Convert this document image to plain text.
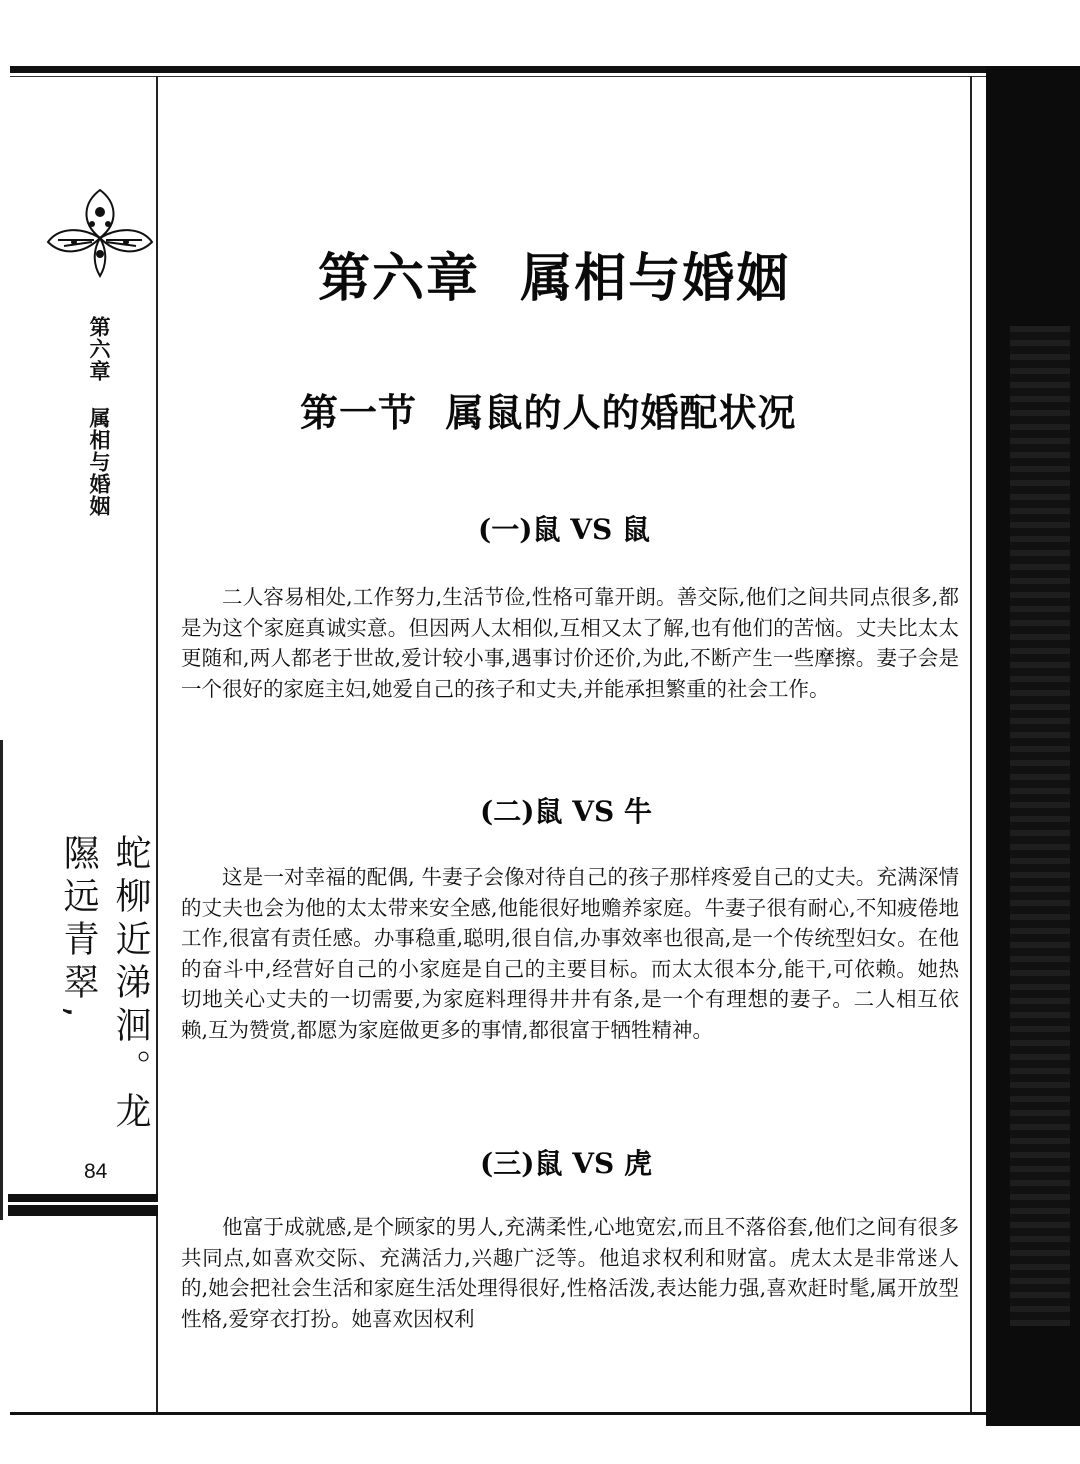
第六章 属相与婚姻
蛇柳近涕洄。龙隰远青翠,
84
第六章  属相与婚姻
第一节  属鼠的人的婚配状况
(一)鼠 VS 鼠
二人容易相处,工作努力,生活节俭,性格可靠开朗。善交际,他们之间共同点很多,都是为这个家庭真诚实意。但因两人太相似,互相又太了解,也有他们的苦恼。丈夫比太太更随和,两人都老于世故,爱计较小事,遇事讨价还价,为此,不断产生一些摩擦。妻子会是一个很好的家庭主妇,她爱自己的孩子和丈夫,并能承担繁重的社会工作。
(二)鼠 VS 牛
这是一对幸福的配偶, 牛妻子会像对待自己的孩子那样疼爱自己的丈夫。充满深情的丈夫也会为他的太太带来安全感,他能很好地赡养家庭。牛妻子很有耐心,不知疲倦地工作,很富有责任感。办事稳重,聪明,很自信,办事效率也很高,是一个传统型妇女。在他的奋斗中,经营好自己的小家庭是自己的主要目标。而太太很本分,能干,可依赖。她热切地关心丈夫的一切需要,为家庭料理得井井有条,是一个有理想的妻子。二人相互依赖,互为赞赏,都愿为家庭做更多的事情,都很富于牺牲精神。
(三)鼠 VS 虎
他富于成就感,是个顾家的男人,充满柔性,心地宽宏,而且不落俗套,他们之间有很多共同点,如喜欢交际、充满活力,兴趣广泛等。他追求权利和财富。虎太太是非常迷人的,她会把社会生活和家庭生活处理得很好,性格活泼,表达能力强,喜欢赶时髦,属开放型性格,爱穿衣打扮。她喜欢因权利
